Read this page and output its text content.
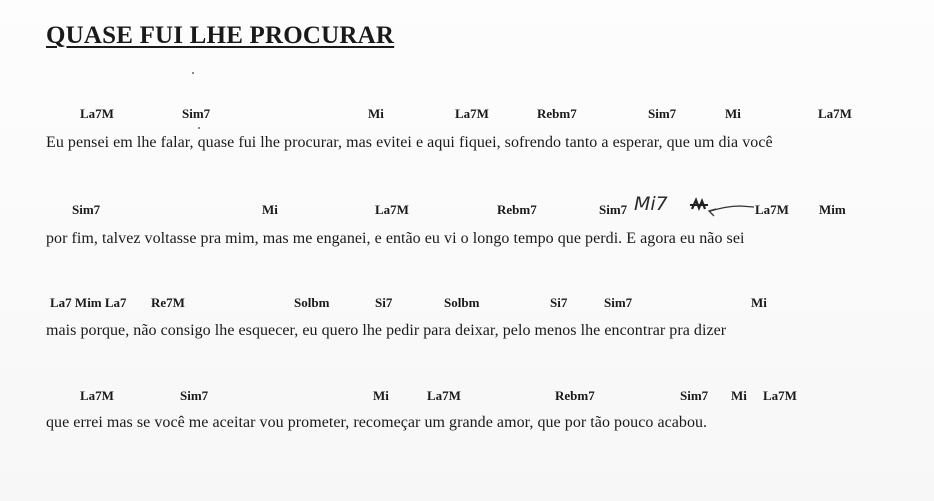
QUASE FUI LHE PROCURAR
La7M	Sim7	Mi	La7M	Rebm7	Sim7	Mi	La7M
Eu pensei em lhe falar, quase fui lhe procurar, mas evitei e aqui fiquei, sofrendo tanto a esperar, que um dia você
Sim7	Mi	La7M	Rebm7	Sim7 Mi7	La7M Mim
por fim, talvez voltasse pra mim, mas me enganei, e então eu vi o longo tempo que perdi. E agora eu não sei
La7 Mim La7 Re7M	Solbm	Si7	Solbm	Si7	Sim7	Mi
mais porque, não consigo lhe esquecer, eu quero lhe pedir para deixar, pelo menos lhe encontrar pra dizer
La7M	Sim7	Mi	La7M	Rebm7	Sim7 Mi La7M
que errei mas se você me aceitar vou prometer, recomeçar um grande amor, que por tão pouco acabou.
